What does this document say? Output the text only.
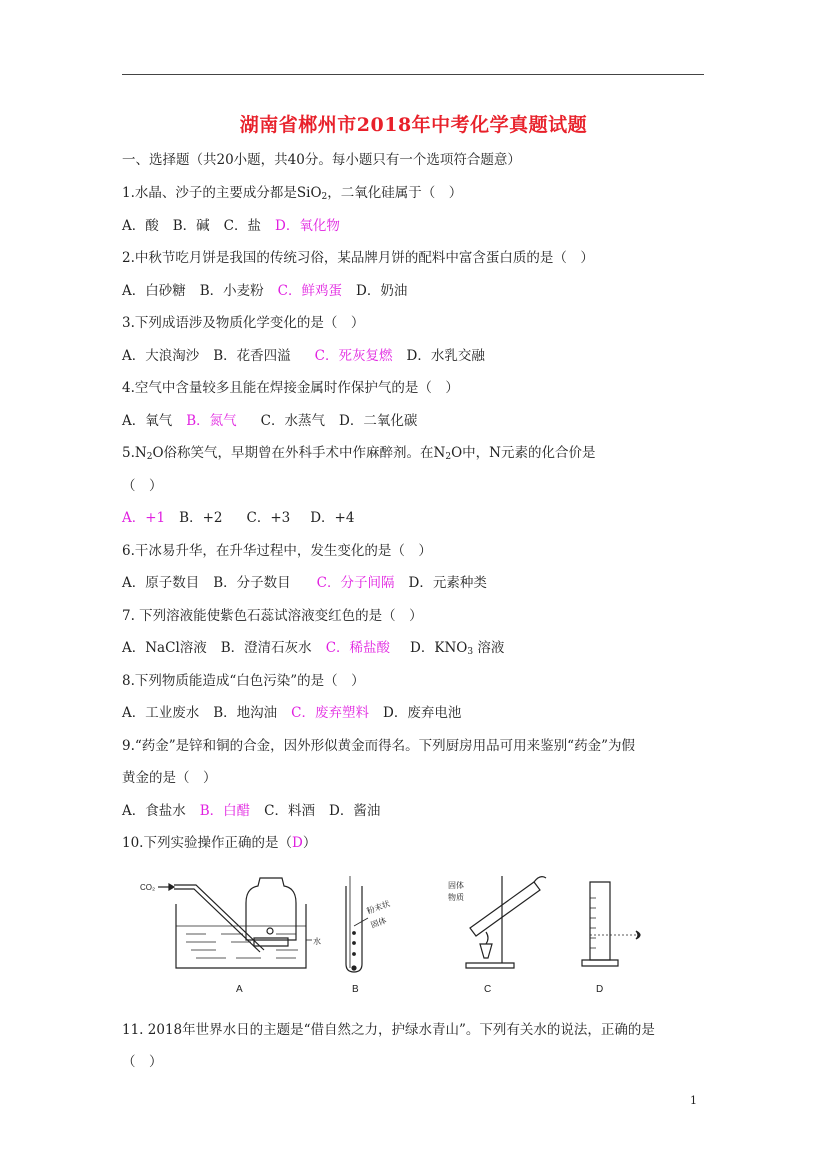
湖南省郴州市2018年中考化学真题试题
一、选择题（共20小题，共40分。每小题只有一个选项符合题意）
1.水晶、沙子的主要成分都是SiO$_2$，二氧化硅属于（　）
A．酸 B．碱 C．盐 D．氧化物
2.中秋节吃月饼是我国的传统习俗，某品牌月饼的配料中富含蛋白质的是（　）
A．白砂糖 B．小麦粉 C．鲜鸡蛋 D．奶油
3.下列成语涉及物质化学变化的是（　）
A．大浪淘沙 B．花香四溢 C．死灰复燃 D．水乳交融
4.空气中含量较多且能在焊接金属时作保护气的是（　）
A．氧气 B．氮气 C．水蒸气 D．二氧化碳
$5.N_2O$俗称笑气，早期曾在外科手术中作麻醉剂。在$N_2O$中，N元素的化合价是
（　）
A．+1 B．+2 C．+3 D．+4
6.干冰易升华，在升华过程中，发生变化的是（　）
A．原子数目 B．分子数目 C．分子间隔 D．元素种类
7. 下列溶液能使紫色石蕊试溶液变红色的是（　）
A．NaCl溶液 B．澄清石灰水 C．稀盐酸 D．$KNO_3$ 溶液
8.下列物质能造成“白色污染”的是（　）
A．工业废水 B．地沟油 C．废弃塑料 D．废弃电池
9.“药金”是锌和铜的合金，因外形似黄金而得名。下列厨房用品可用来鉴别“药金”为假
黄金的是（　）
A．食盐水 B．白醋 C．料酒 D．酱油
10.下列实验操作正确的是（D）
CO₂
水
A
粉末状
固体
B
固体
物质
C	D
11. 2018年世界水日的主题是“借自然之力，护绿水青山”。下列有关水的说法，正确的是
（　）
1
